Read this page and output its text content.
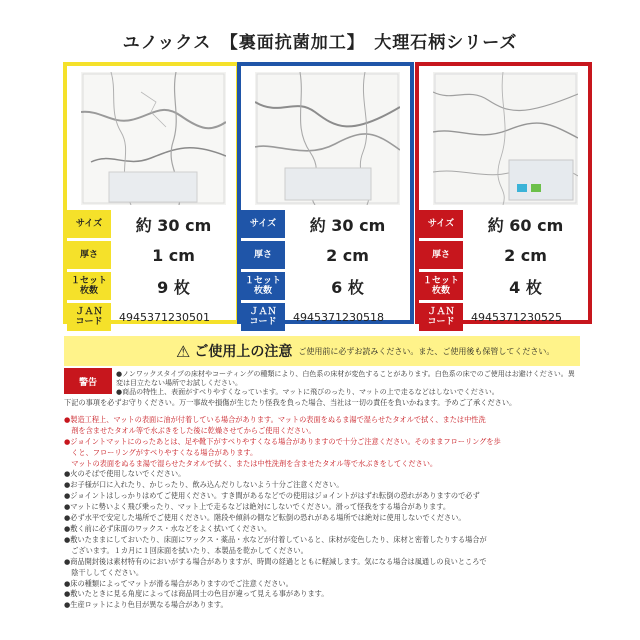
ユノックス　【裏面抗菌加工】　大理石柄シリーズ
サイズ	約 30 cm
厚さ	1 cm
１セット
枚数	9 枚
ＪＡＮ
コード	4945371230501
サイズ	約 30 cm
厚さ	2 cm
１セット
枚数	6 枚
ＪＡＮ
コード	4945371230518
サイズ	約 60 cm
厚さ	2 cm
１セット
枚数	4 枚
ＪＡＮ
コード	4945371230525
⚠ ご使用上の注意 ご使用前に必ずお読みください。また、ご使用後も保管してください。
警告
●ノンワックスタイプの床材やコーティングの種類により、白色系の床材が変色することがあります。白色系の床でのご使用はお避けください。異変は目立たない場所でお試しください。
●商品の特性上、表面がすべりやすくなっています。マットに飛びのったり、マットの上で走るなどはしないでください。

下記の事項を必ずお守りください。万一事故や損傷が生じたり怪我を負った場合、当社は一切の責任を負いかねます。予めご了承ください。

●製造工程上、マットの表面に油が付着している場合があります。マットの表面をぬるま湯で湿らせたタオルで拭く、または中性洗

　剤を含ませたタオル等で水ぶきをした後に乾燥させてからご使用ください。

●ジョイントマットにのったあとは、足や靴下がすべりやすくなる場合がありますので十分ご注意ください。そのままフローリングを歩

　くと、フローリングがすべりやすくなる場合があります。

　マットの表面をぬるま湯で湿らせたタオルで拭く、または中性洗剤を含ませたタオル等で水ぶきをしてください。

●火のそばで使用しないでください。

●お子様が口に入れたり、かじったり、飲み込んだりしないよう十分ご注意ください。

●ジョイントはしっかりはめてご使用ください。すき間があるなどでの使用はジョイントがはずれ転倒の恐れがありますので必ず

●マットに勢いよく飛び乗ったり、マット上で走るなどは絶対にしないでください。滑って怪我をする場合があります。

●必ず水平で安定した場所でご使用ください。階段や傾斜の側など転倒の恐れがある場所では絶対に使用しないでください。

●敷く前に必ず床面のワックス・水などをよく拭いてください。

●敷いたままにしておいたり、床面にワックス・薬品・水などが付着していると、床材が変色したり、床材と密着したりする場合が

　ございます。１カ月に１回床面を拭いたり、本製品を乾かしてください。

●商品開封後は素材特有のにおいがする場合がありますが、時間の経過とともに軽減します。気になる場合は風通しの良いところで

　陰干ししてください。

●床の種類によってマットが滑る場合がありますのでご注意ください。

●敷いたときに見る角度によっては商品同士の色目が違って見える事があります。

●生産ロットにより色目が異なる場合があります。
